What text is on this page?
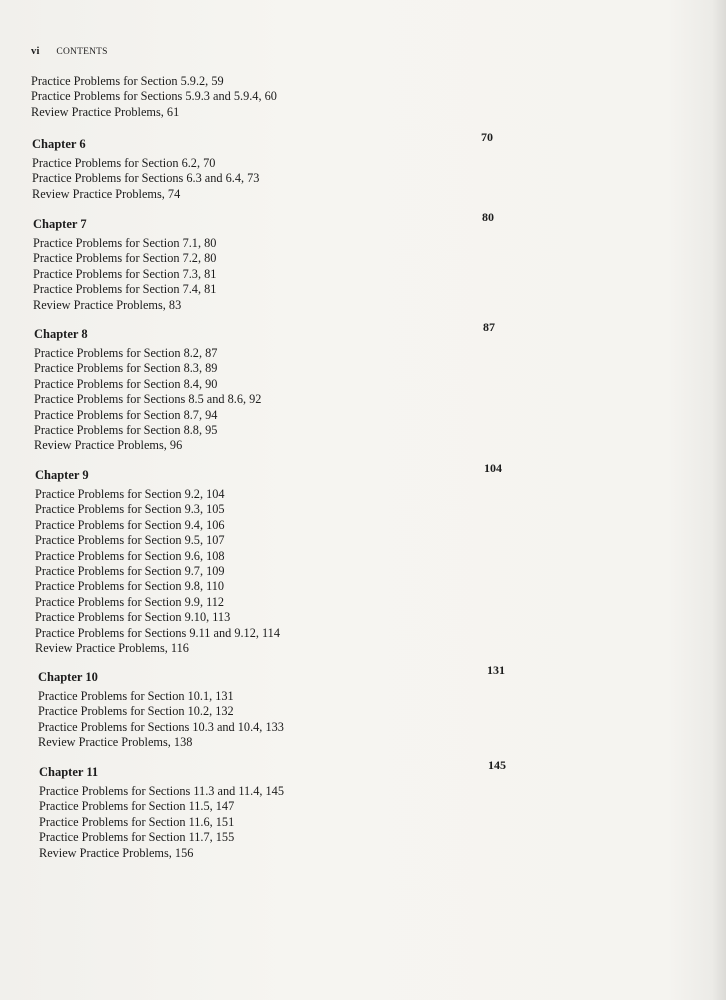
vi CONTENTS
Practice Problems for Section 5.9.2, 59
Practice Problems for Sections 5.9.3 and 5.9.4, 60
Review Practice Problems, 61
Chapter 6	70
Practice Problems for Section 6.2, 70
Practice Problems for Sections 6.3 and 6.4, 73
Review Practice Problems, 74
Chapter 7	80
Practice Problems for Section 7.1, 80
Practice Problems for Section 7.2, 80
Practice Problems for Section 7.3, 81
Practice Problems for Section 7.4, 81
Review Practice Problems, 83
Chapter 8	87
Practice Problems for Section 8.2, 87
Practice Problems for Section 8.3, 89
Practice Problems for Section 8.4, 90
Practice Problems for Sections 8.5 and 8.6, 92
Practice Problems for Section 8.7, 94
Practice Problems for Section 8.8, 95
Review Practice Problems, 96
Chapter 9	104
Practice Problems for Section 9.2, 104
Practice Problems for Section 9.3, 105
Practice Problems for Section 9.4, 106
Practice Problems for Section 9.5, 107
Practice Problems for Section 9.6, 108
Practice Problems for Section 9.7, 109
Practice Problems for Section 9.8, 110
Practice Problems for Section 9.9, 112
Practice Problems for Section 9.10, 113
Practice Problems for Sections 9.11 and 9.12, 114
Review Practice Problems, 116
Chapter 10	131
Practice Problems for Section 10.1, 131
Practice Problems for Section 10.2, 132
Practice Problems for Sections 10.3 and 10.4, 133
Review Practice Problems, 138
Chapter 11	145
Practice Problems for Sections 11.3 and 11.4, 145
Practice Problems for Section 11.5, 147
Practice Problems for Section 11.6, 151
Practice Problems for Section 11.7, 155
Review Practice Problems, 156
